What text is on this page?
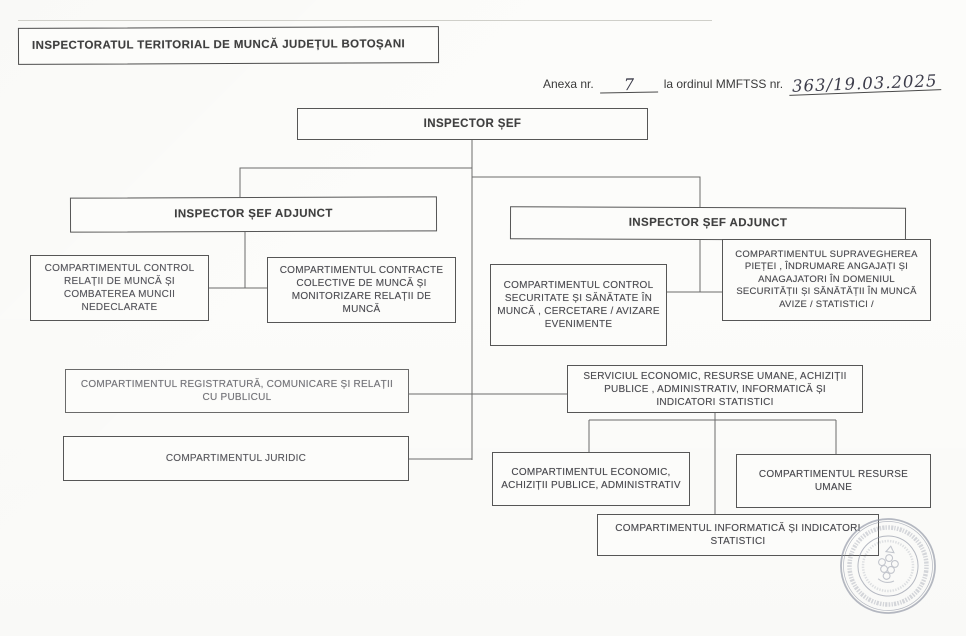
INSPECTORATUL TERITORIAL DE MUNCĂ JUDEȚUL BOTOȘANI
Anexa nr.	7	la ordinul MMFTSS nr. 363/19.03.2025
INSPECTOR ȘEF
INSPECTOR ȘEF ADJUNCT
INSPECTOR ȘEF ADJUNCT
COMPARTIMENTUL CONTROL RELAȚII DE MUNCĂ ȘI COMBATEREA MUNCII NEDECLARATE
COMPARTIMENTUL CONTRACTE COLECTIVE DE MUNCĂ ȘI MONITORIZARE RELAȚII DE MUNCĂ
COMPARTIMENTUL CONTROL SECURITATE ȘI SĂNĂTATE ÎN MUNCĂ , CERCETARE / AVIZARE EVENIMENTE
COMPARTIMENTUL SUPRAVEGHEREA PIEȚEI , ÎNDRUMARE ANGAJAȚI ȘI ANAGAJATORI ÎN DOMENIUL SECURITĂȚII ȘI SĂNĂTĂȚII ÎN MUNCĂ AVIZE / STATISTICI /
COMPARTIMENTUL REGISTRATURĂ, COMUNICARE ȘI RELAȚII CU PUBLICUL
COMPARTIMENTUL JURIDIC
SERVICIUL ECONOMIC, RESURSE UMANE, ACHIZIȚII PUBLICE , ADMINISTRATIV, INFORMATICĂ ȘI INDICATORI STATISTICI
COMPARTIMENTUL ECONOMIC, ACHIZIȚII PUBLICE, ADMINISTRATIV
COMPARTIMENTUL RESURSE UMANE
COMPARTIMENTUL INFORMATICĂ ȘI INDICATORI STATISTICI
